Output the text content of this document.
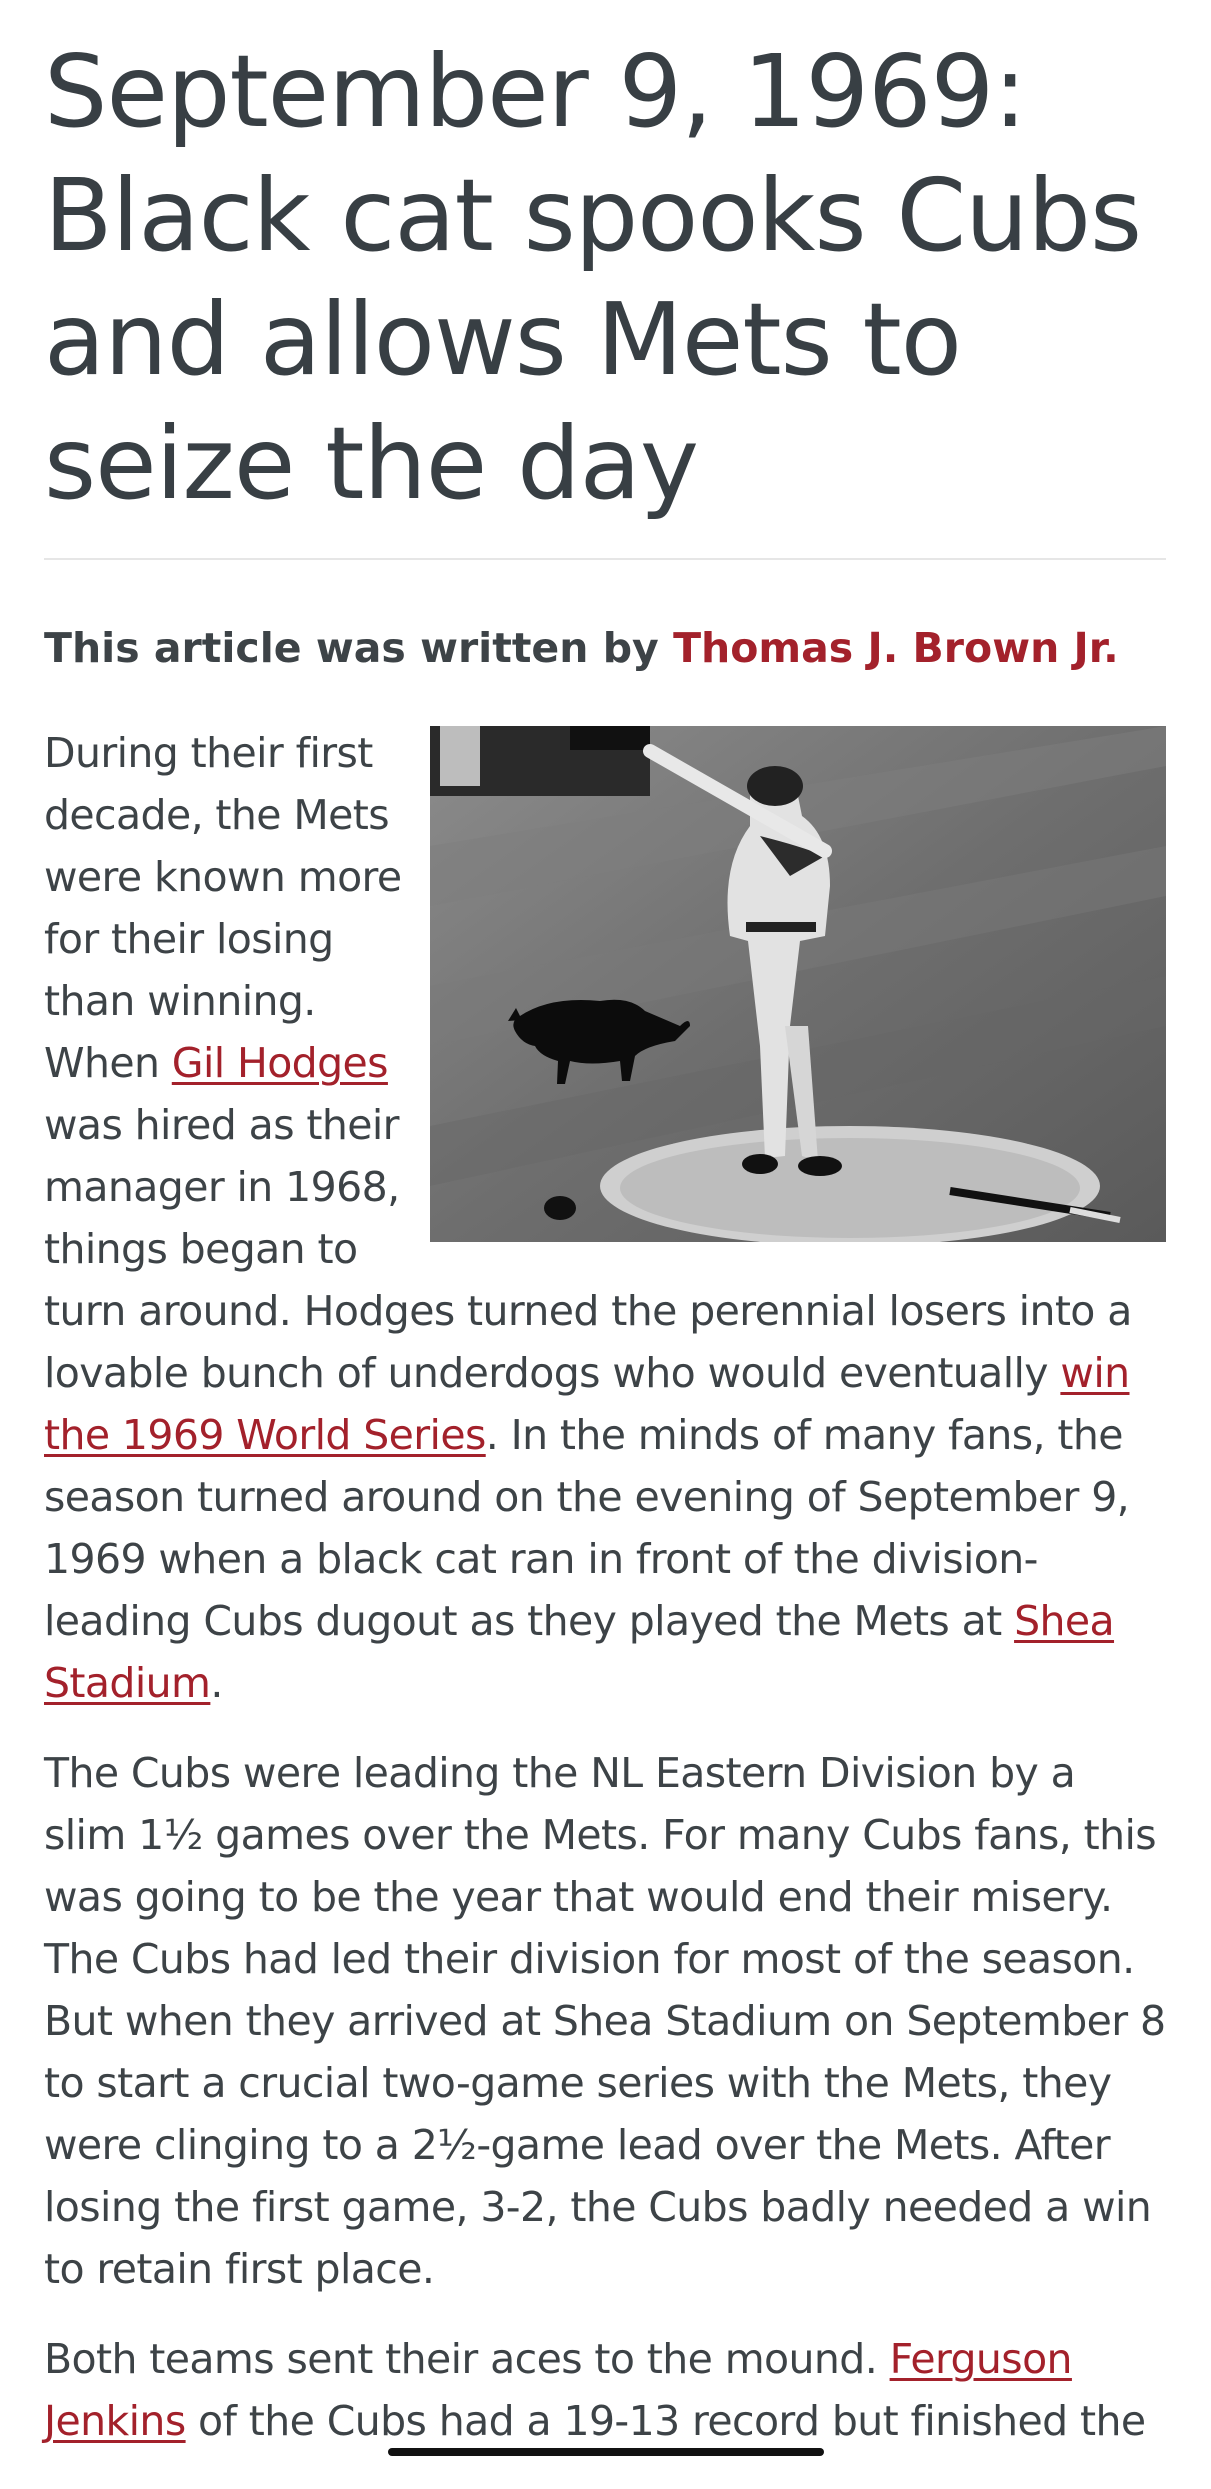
September 9, 1969: Black cat spooks Cubs and allows Mets to seize the day
This article was written by Thomas J. Brown Jr.

During their first decade, the Mets were known more for their losing than winning. When Gil Hodges was hired as their manager in 1968, things began to turn around. Hodges turned the perennial losers into a lovable bunch of underdogs who would eventually win the 1969 World Series. In the minds of many fans, the season turned around on the evening of September 9, 1969 when a black cat ran in front of the division-leading Cubs dugout as they played the Mets at Shea Stadium.

The Cubs were leading the NL Eastern Division by a slim 1½ games over the Mets. For many Cubs fans, this was going to be the year that would end their misery. The Cubs had led their division for most of the season. But when they arrived at Shea Stadium on September 8 to start a crucial two-game series with the Mets, they were clinging to a 2½-game lead over the Mets. After losing the first game, 3-2, the Cubs badly needed a win to retain first place.

Both teams sent their aces to the mound. Ferguson Jenkins of the Cubs had a 19-13 record but finished the
